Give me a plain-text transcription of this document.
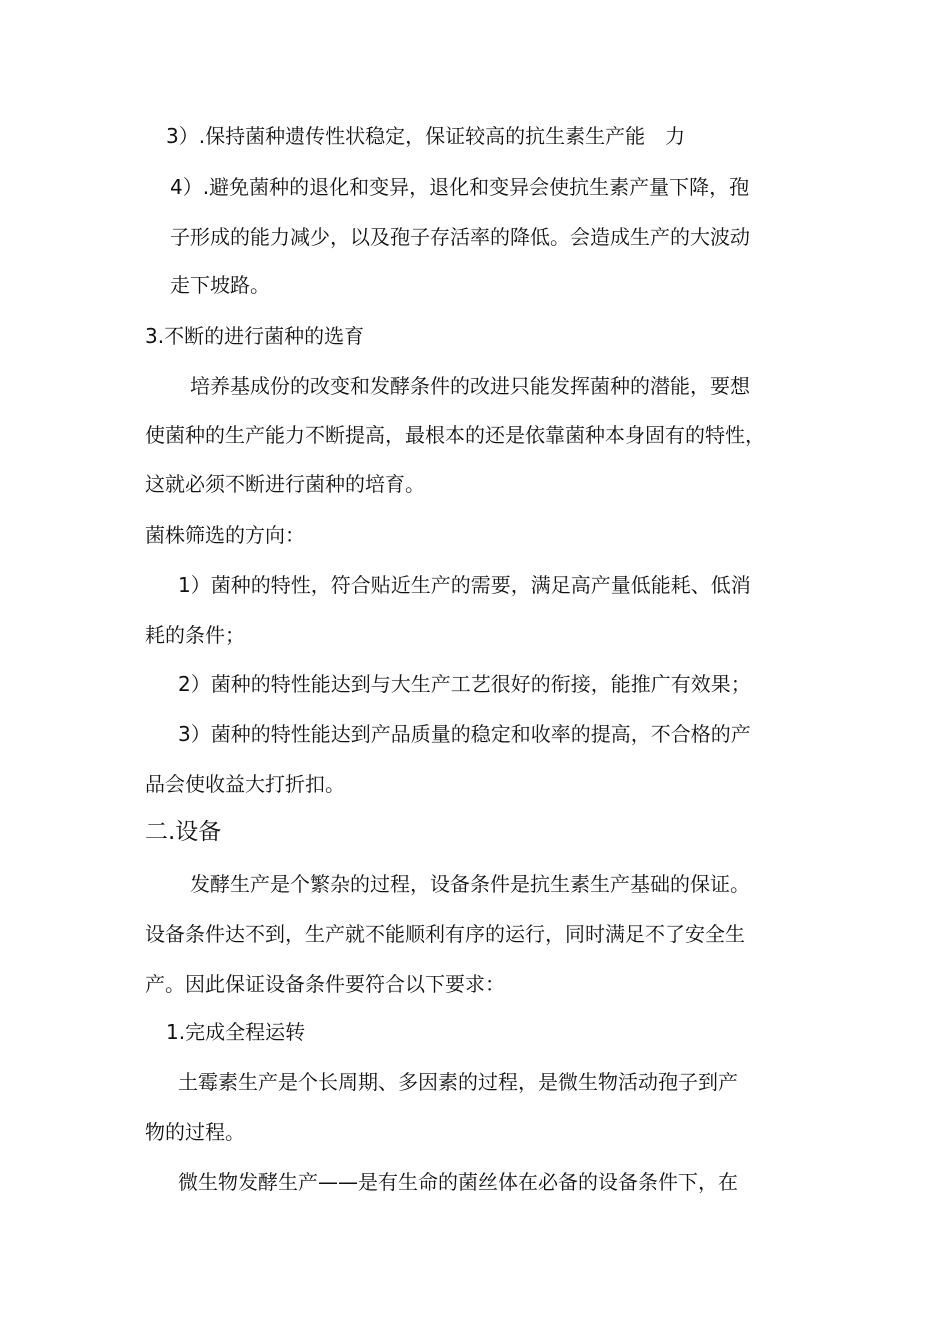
3）.保持菌种遗传性状稳定，保证较高的抗生素生产能　力
4）.避免菌种的退化和变异，退化和变异会使抗生素产量下降，孢
子形成的能力减少，以及孢子存活率的降低。会造成生产的大波动
走下坡路。
3.不断的进行菌种的选育
培养基成份的改变和发酵条件的改进只能发挥菌种的潜能，要想
使菌种的生产能力不断提高，最根本的还是依靠菌种本身固有的特性，
这就必须不断进行菌种的培育。
菌株筛选的方向：
1）菌种的特性，符合贴近生产的需要，满足高产量低能耗、低消
耗的条件；
2）菌种的特性能达到与大生产工艺很好的衔接，能推广有效果；
3）菌种的特性能达到产品质量的稳定和收率的提高，不合格的产
品会使收益大打折扣。
二.设备
发酵生产是个繁杂的过程，设备条件是抗生素生产基础的保证。
设备条件达不到，生产就不能顺利有序的运行，同时满足不了安全生
产。因此保证设备条件要符合以下要求：
1.完成全程运转
土霉素生产是个长周期、多因素的过程，是微生物活动孢子到产
物的过程。
微生物发酵生产——是有生命的菌丝体在必备的设备条件下，在
